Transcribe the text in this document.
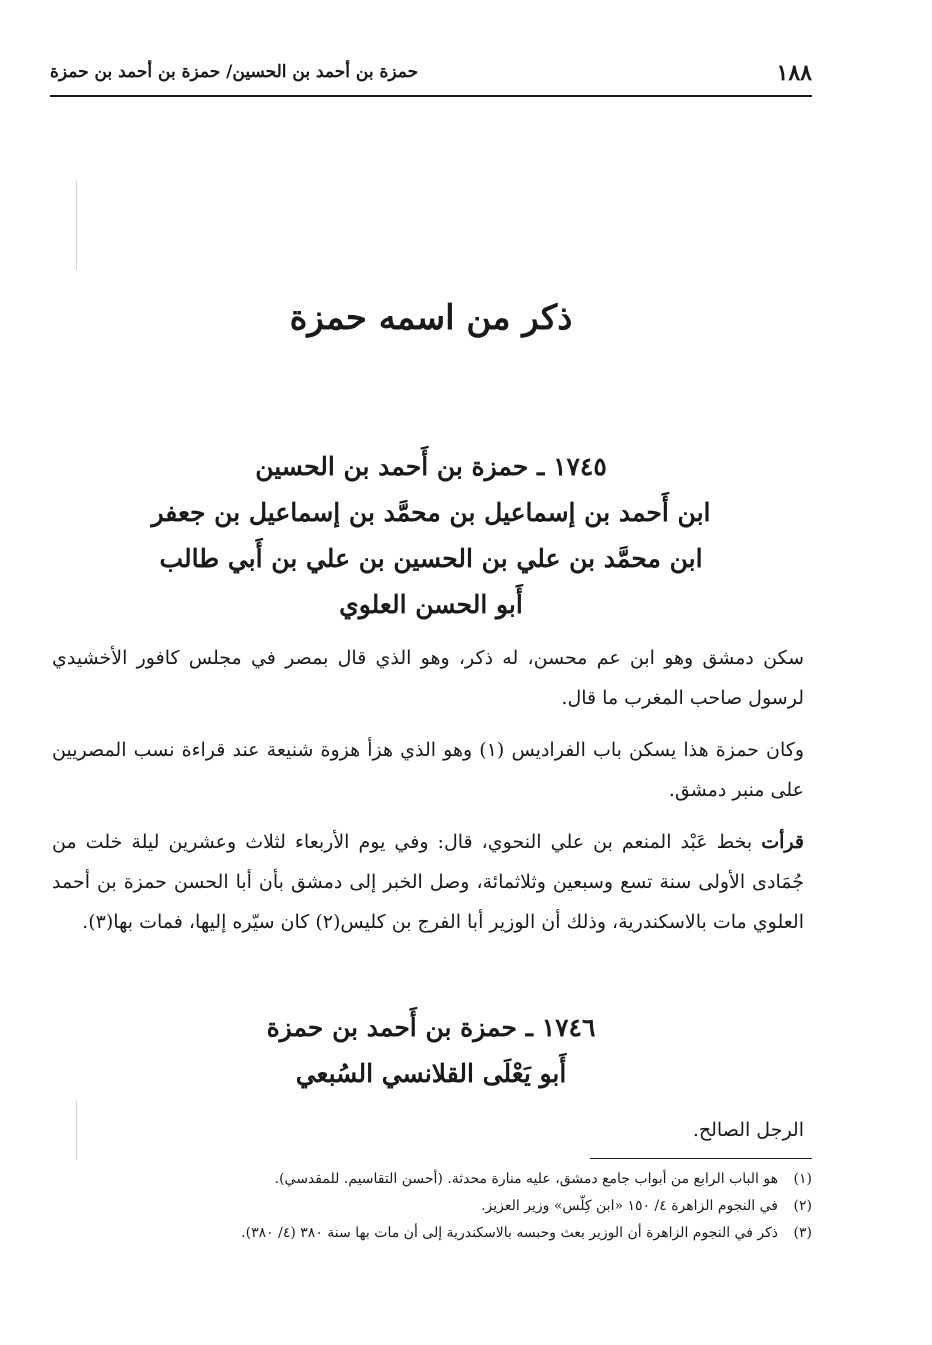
١٨٨
حمزة بن أحمد بن الحسين/ حمزة بن أحمد بن حمزة
ذكر من اسمه حمزة
١٧٤٥ ـ حمزة بن أَحمد بن الحسين
ابن أَحمد بن إسماعيل بن محمَّد بن إسماعيل بن جعفر
ابن محمَّد بن علي بن الحسين بن علي بن أَبي طالب
أَبو الحسن العلوي
سكن دمشق وهو ابن عم محسن، له ذكر، وهو الذي قال بمصر في مجلس كافور الأخشيدي لرسول صاحب المغرب ما قال.
وكان حمزة هذا يسكن باب الفراديس (١) وهو الذي هزأ هزوة شنيعة عند قراءة نسب المصريين على منبر دمشق.
قرأت بخط عَبْد المنعم بن علي النحوي، قال: وفي يوم الأربعاء لثلاث وعشرين ليلة خلت من جُمَادى الأولى سنة تسع وسبعين وثلاثمائة، وصل الخبر إلى دمشق بأن أبا الحسن حمزة بن أحمد العلوي مات بالاسكندرية، وذلك أن الوزير أبا الفرج بن كليس(٢) كان سيّره إليها، فمات بها(٣).
١٧٤٦ ـ حمزة بن أَحمد بن حمزة
أَبو يَعْلَى القلانسي السُبعي
الرجل الصالح.
(١)هو الباب الرابع من أبواب جامع دمشق، عليه منارة محدثة. (أحسن التقاسيم. للمقدسي).
(٢)في النجوم الزاهرة ٤/ ١٥٠ «ابن كِلّس» وزير العزيز.
(٣)ذكر في النجوم الزاهرة أن الوزير بعث وحبسه بالاسكندرية إلى أن مات بها سنة ٣٨٠ (٤/ ٣٨٠).
